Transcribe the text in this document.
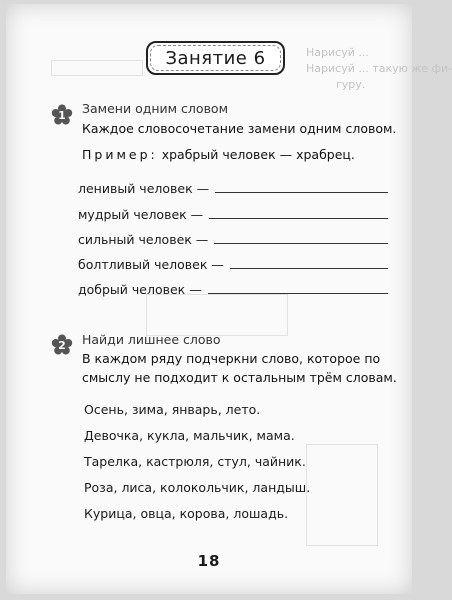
Нарисуй ...
Нарисуй ... такую же фи-
гуру.
Занятие 6
1 Замени одним словом
Каждое словосочетание замени одним словом.
Пример: храбрый человек — храбрец.
ленивый человек —
мудрый человек —
сильный человек —
болтливый человек —
добрый человек —
2 Найди лишнее слово
В каждом ряду подчеркни слово, которое по
смыслу не подходит к остальным трём словам.
Осень, зима, январь, лето.
Девочка, кукла, мальчик, мама.
Тарелка, кастрюля, стул, чайник.
Роза, лиса, колокольчик, ландыш.
Курица, овца, корова, лошадь.
18
